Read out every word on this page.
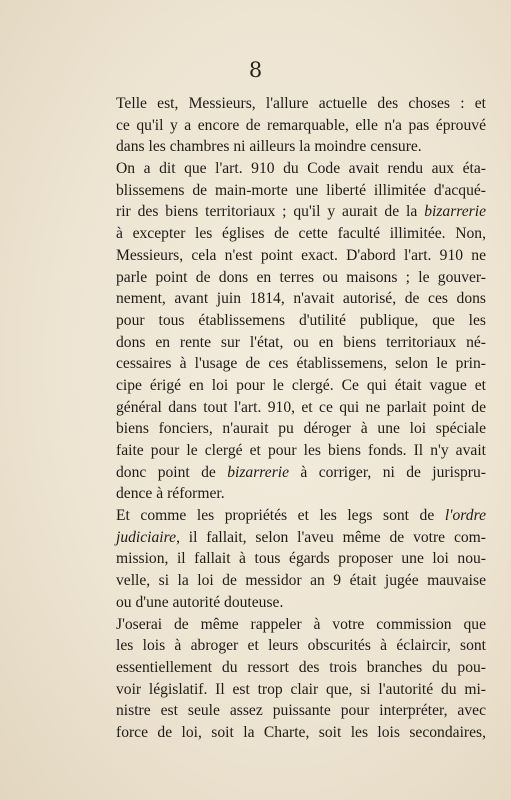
8
Telle est, Messieurs, l'allure actuelle des choses : et
ce qu'il y a encore de remarquable, elle n'a pas éprouvé
dans les chambres ni ailleurs la moindre censure.
On a dit que l'art. 910 du Code avait rendu aux éta-
blissemens de main-morte une liberté illimitée d'acqué-
rir des biens territoriaux ; qu'il y aurait de la bizarrerie
à excepter les églises de cette faculté illimitée. Non,
Messieurs, cela n'est point exact. D'abord l'art. 910 ne
parle point de dons en terres ou maisons ; le gouver-
nement, avant juin 1814, n'avait autorisé, de ces dons
pour tous établissemens d'utilité publique, que les
dons en rente sur l'état, ou en biens territoriaux né-
cessaires à l'usage de ces établissemens, selon le prin-
cipe érigé en loi pour le clergé. Ce qui était vague et
général dans tout l'art. 910, et ce qui ne parlait point de
biens fonciers, n'aurait pu déroger à une loi spéciale
faite pour le clergé et pour les biens fonds. Il n'y avait
donc point de bizarrerie à corriger, ni de jurispru-
dence à réformer.
Et comme les propriétés et les legs sont de l'ordre
judiciaire, il fallait, selon l'aveu même de votre com-
mission, il fallait à tous égards proposer une loi nou-
velle, si la loi de messidor an 9 était jugée mauvaise
ou d'une autorité douteuse.
J'oserai de même rappeler à votre commission que
les lois à abroger et leurs obscurités à éclaircir, sont
essentiellement du ressort des trois branches du pou-
voir législatif. Il est trop clair que, si l'autorité du mi-
nistre est seule assez puissante pour interpréter, avec
force de loi, soit la Charte, soit les lois secondaires,
